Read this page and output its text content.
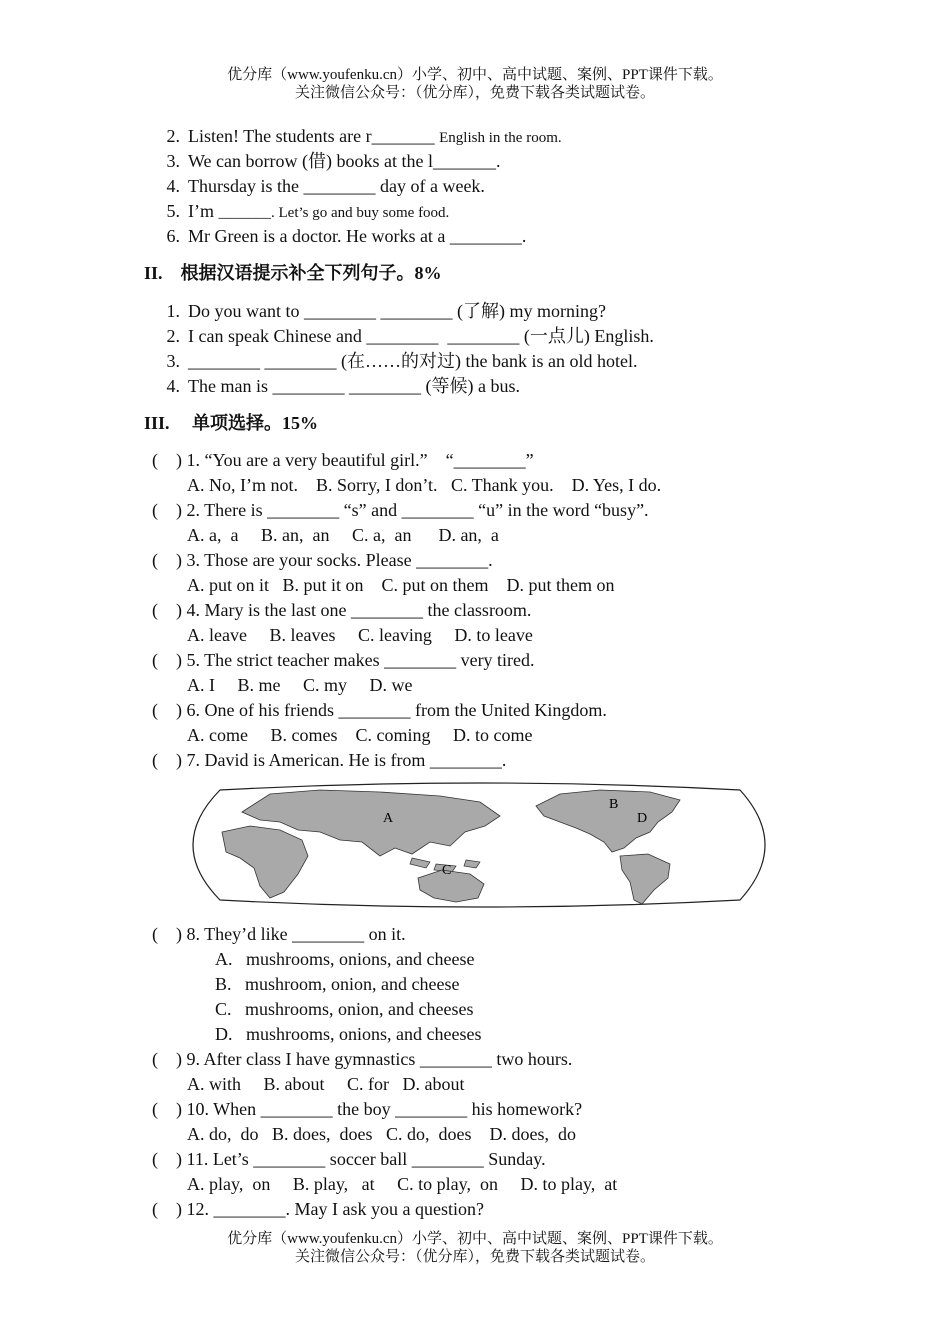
优分库（www.youfenku.cn）小学、初中、高中试题、案例、PPT课件下载。
关注微信公众号：（优分库），免费下载各类试题试卷。
2. Listen! The students are r_______ English in the room.
3. We can borrow (借) books at the l_______.
4. Thursday is the ________ day of a week.
5. I’m _______. Let’s go and buy some food.
6. Mr Green is a doctor. He works at a ________.
II.    根据汉语提示补全下列句子。8%
1. Do you want to ________ ________ (了解) my morning?
2. I can speak Chinese and ________  ________ (一点儿) English.
3. ________ ________ (在……的对过) the bank is an old hotel.
4. The man is ________ ________ (等候) a bus.
III.     单项选择。15%
(    ) 1. “You are a very beautiful girl.”    “________”
A. No, I’m not.    B. Sorry, I don’t.   C. Thank you.    D. Yes, I do.
(    ) 2. There is ________ “s” and ________ “u” in the word “busy”.
A. a,  a     B. an,  an     C. a,  an      D. an,  a
(    ) 3. Those are your socks. Please ________.
A. put on it   B. put it on    C. put on them    D. put them on
(    ) 4. Mary is the last one ________ the classroom.
A. leave     B. leaves     C. leaving     D. to leave
(    ) 5. The strict teacher makes ________ very tired.
A. I     B. me     C. my     D. we
(    ) 6. One of his friends ________ from the United Kingdom.
A. come     B. comes    C. coming     D. to come
(    ) 7. David is American. He is from ________.
A
B
C
D
(    ) 8. They’d like ________ on it.
A.   mushrooms, onions, and cheese
B.   mushroom, onion, and cheese
C.   mushrooms, onion, and cheeses
D.   mushrooms, onions, and cheeses
(    ) 9. After class I have gymnastics ________ two hours.
A. with     B. about     C. for   D. about
(    ) 10. When ________ the boy ________ his homework?
A. do,  do   B. does,  does   C. do,  does    D. does,  do
(    ) 11. Let’s ________ soccer ball ________ Sunday.
A. play,  on     B. play,   at     C. to play,  on     D. to play,  at
(    ) 12. ________. May I ask you a question?
优分库（www.youfenku.cn）小学、初中、高中试题、案例、PPT课件下载。
关注微信公众号：（优分库），免费下载各类试题试卷。
